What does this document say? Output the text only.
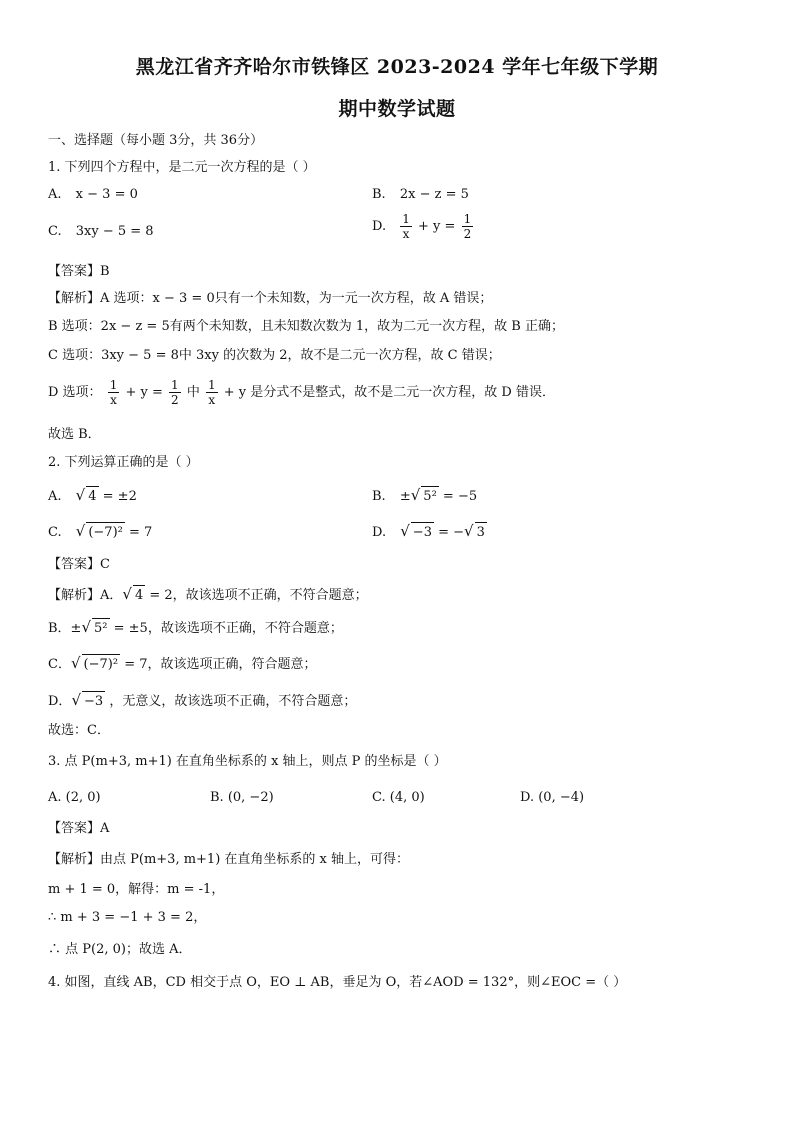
黑龙江省齐齐哈尔市铁锋区 2023-2024 学年七年级下学期
期中数学试题
一、选择题（每小题 3分，共 36分）
1. 下列四个方程中，是二元一次方程的是（ ）
A. x − 3 = 0	B. 2x − z = 5
C. 3xy − 5 = 8	D. $\frac{1}{x} + y = \frac{1}{2}$
【答案】B
【解析】A 选项：x − 3 = 0只有一个未知数，为一元一次方程，故 A 错误；
B 选项：2x − z = 5有两个未知数，且未知数次数为 1，故为二元一次方程，故 B 正确；
C 选项：3xy − 5 = 8中 3xy 的次数为 2，故不是二元一次方程，故 C 错误；
D 选项： $\frac{1}{x} + y = \frac{1}{2}$ 中 $\frac{1}{x} + y$ 是分式不是整式，故不是二元一次方程，故 D 错误．
故选 B．
2. 下列运算正确的是（ ）
A. √ 4 = ±2	B. ±√ 5² = −5
C. √ (−7)² = 7	D. √ −3 = −√ 3
【答案】C
【解析】A．√ 4 = 2，故该选项不正确，不符合题意；
B．±√ 5² = ±5，故该选项不正确，不符合题意；
C．√ (−7)² = 7，故该选项正确，符合题意；
D．√ −3 ，无意义，故该选项不正确，不符合题意；
故选：C．
3. 点 P(m+3, m+1) 在直角坐标系的 x 轴上，则点 P 的坐标是（ ）
A. (2, 0)	B. (0, −2)	C. (4, 0)	D. (0, −4)
【答案】A
【解析】由点 P(m+3, m+1) 在直角坐标系的 x 轴上，可得：
m + 1 = 0，解得：m = -1，
∴ m + 3 = −1 + 3 = 2，
∴ 点 P(2, 0)；故选 A．
4. 如图，直线 AB，CD 相交于点 O，EO ⊥ AB，垂足为 O，若∠AOD = 132°，则∠EOC =（ ）
